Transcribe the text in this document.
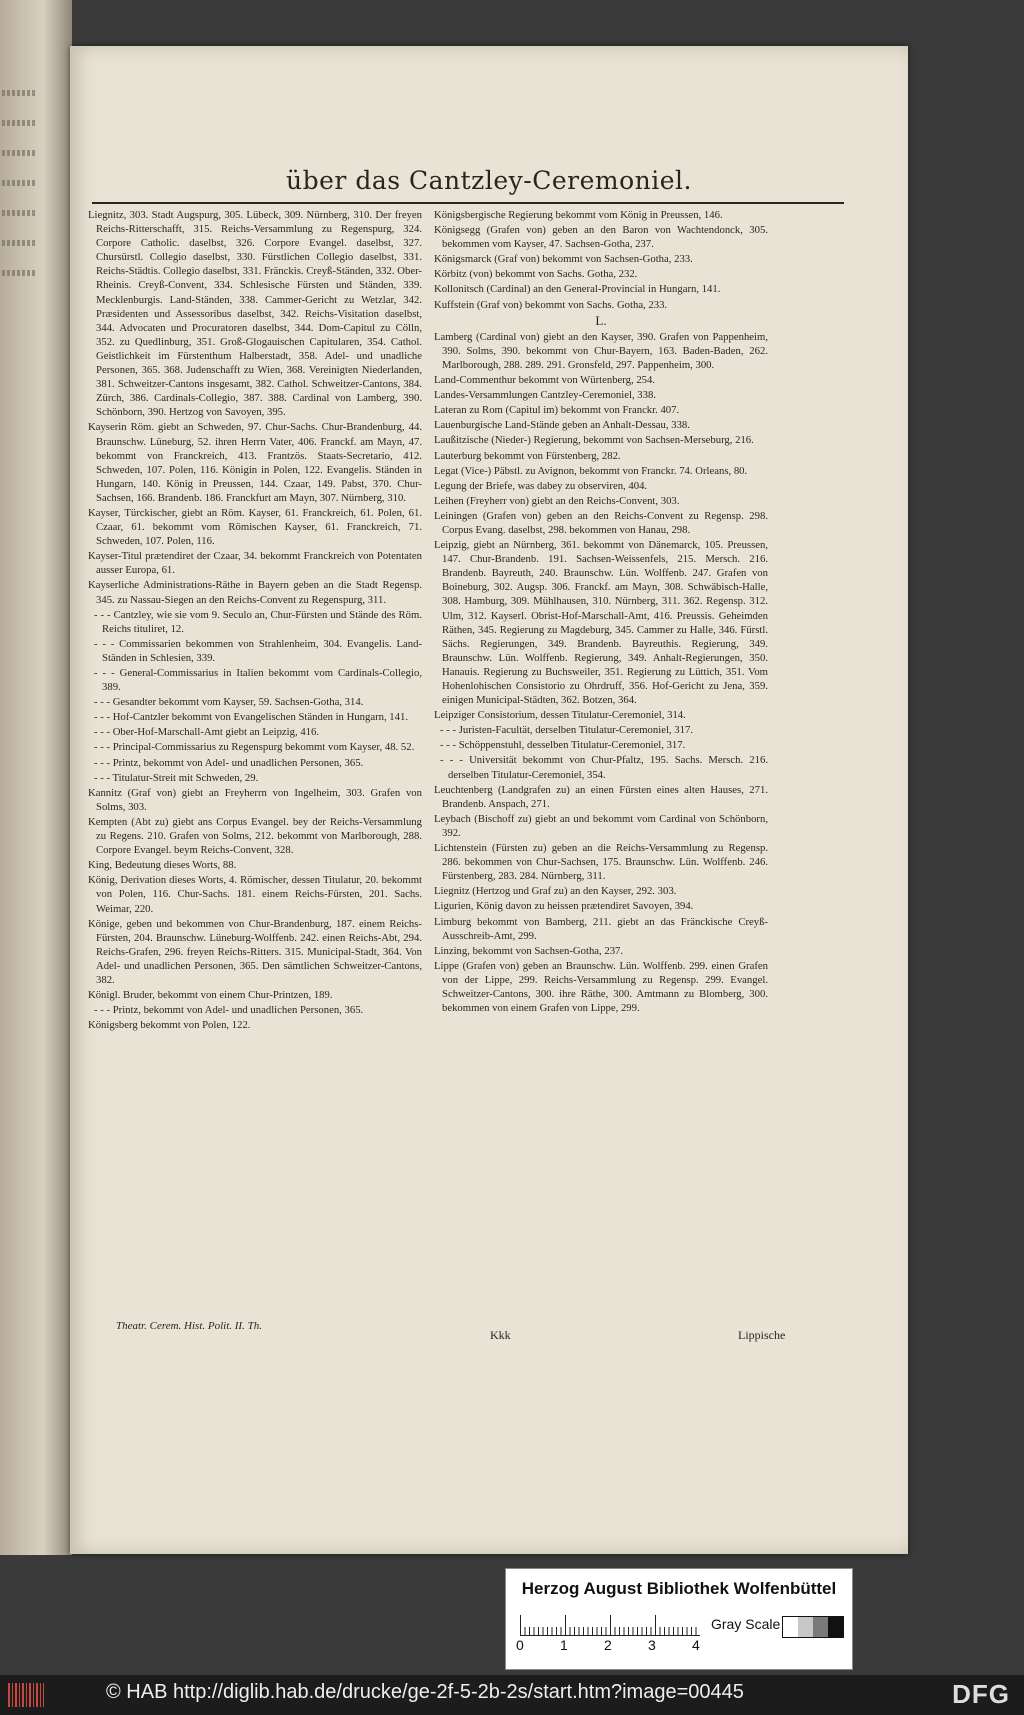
über das Cantzley-Ceremoniel.

Liegnitz, 303. Stadt Augspurg, 305. Lübeck, 309. Nürnberg, 310. Der freyen Reichs-Ritterschafft, 315. Reichs-Versammlung zu Regenspurg, 324. Corpore Catholic. daselbst, 326. Corpore Evangel. daselbst, 327. Chursürstl. Collegio daselbst, 330. Fürstlichen Collegio daselbst, 331. Reichs-Städtis. Collegio daselbst, 331. Fränckis. Creyß-Ständen, 332. Ober-Rheinis. Creyß-Convent, 334. Schlesische Fürsten und Ständen, 339. Mecklenburgis. Land-Ständen, 338. Cammer-Gericht zu Wetzlar, 342. Præsidenten und Assessoribus daselbst, 342. Reichs-Visitation daselbst, 344. Advocaten und Procuratoren daselbst, 344. Dom-Capitul zu Cölln, 352. zu Quedlinburg, 351. Groß-Glogauischen Capitularen, 354. Cathol. Geistlichkeit im Fürstenthum Halberstadt, 358. Adel- und unadliche Personen, 365. 368. Judenschafft zu Wien, 368. Vereinigten Niederlanden, 381. Schweitzer-Cantons insgesamt, 382. Cathol. Schweitzer-Cantons, 384. Zürch, 386. Cardinals-Collegio, 387. 388. Cardinal von Lamberg, 390. Schönborn, 390. Hertzog von Savoyen, 395.

Kayserin Röm. giebt an Schweden, 97. Chur-Sachs. Chur-Brandenburg, 44. Braunschw. Lüneburg, 52. ihren Herrn Vater, 406. Franckf. am Mayn, 47. bekommt von Franckreich, 413. Frantzös. Staats-Secretario, 412. Schweden, 107. Polen, 116. Königin in Polen, 122. Evangelis. Ständen in Hungarn, 140. König in Preussen, 144. Czaar, 149. Pabst, 370. Chur-Sachsen, 166. Brandenb. 186. Franckfurt am Mayn, 307. Nürnberg, 310.

Kayser, Türckischer, giebt an Röm. Kayser, 61. Franckreich, 61. Polen, 61. Czaar, 61. bekommt vom Römischen Kayser, 61. Franckreich, 71. Schweden, 107. Polen, 116.

Kayser-Titul prætendiret der Czaar, 34. bekommt Franckreich von Potentaten ausser Europa, 61.

Kayserliche Administrations-Räthe in Bayern geben an die Stadt Regensp. 345. zu Nassau-Siegen an den Reichs-Convent zu Regenspurg, 311.

- - - Cantzley, wie sie vom 9. Seculo an, Chur-Fürsten und Stände des Röm. Reichs tituliret, 12.

- - - Commissarien bekommen von Strahlenheim, 304. Evangelis. Land-Ständen in Schlesien, 339.

- - - General-Commissarius in Italien bekommt vom Cardinals-Collegio, 389.

- - - Gesandter bekommt vom Kayser, 59. Sachsen-Gotha, 314.

- - - Hof-Cantzler bekommt von Evangelischen Ständen in Hungarn, 141.

- - - Ober-Hof-Marschall-Amt giebt an Leipzig, 416.

- - - Principal-Commissarius zu Regenspurg bekommt vom Kayser, 48. 52.

- - - Printz, bekommt von Adel- und unadlichen Personen, 365.

- - - Titulatur-Streit mit Schweden, 29.

Kannitz (Graf von) giebt an Freyherrn von Ingelheim, 303. Grafen von Solms, 303.

Kempten (Abt zu) giebt ans Corpus Evangel. bey der Reichs-Versammlung zu Regens. 210. Grafen von Solms, 212. bekommt von Marlborough, 288. Corpore Evangel. beym Reichs-Convent, 328.

King, Bedeutung dieses Worts, 88.

König, Derivation dieses Worts, 4. Römischer, dessen Titulatur, 20. bekommt von Polen, 116. Chur-Sachs. 181. einem Reichs-Fürsten, 201. Sachs. Weimar, 220.

Könige, geben und bekommen von Chur-Brandenburg, 187. einem Reichs-Fürsten, 204. Braunschw. Lüneburg-Wolffenb. 242. einen Reichs-Abt, 294. Reichs-Grafen, 296. freyen Reichs-Ritters. 315. Municipal-Stadt, 364. Von Adel- und unadlichen Personen, 365. Den sämtlichen Schweitzer-Cantons, 382.

Königl. Bruder, bekommt von einem Chur-Printzen, 189.

- - - Printz, bekommt von Adel- und unadlichen Personen, 365.

Königsberg bekommt von Polen, 122.

Königsbergische Regierung bekommt vom König in Preussen, 146.

Königsegg (Grafen von) geben an den Baron von Wachtendonck, 305. bekommen vom Kayser, 47. Sachsen-Gotha, 237.

Königsmarck (Graf von) bekommt von Sachsen-Gotha, 233.

Körbitz (von) bekommt von Sachs. Gotha, 232.

Kollonitsch (Cardinal) an den General-Provincial in Hungarn, 141.

Kuffstein (Graf von) bekommt von Sachs. Gotha, 233.

L.

Lamberg (Cardinal von) giebt an den Kayser, 390. Grafen von Pappenheim, 390. Solms, 390. bekommt von Chur-Bayern, 163. Baden-Baden, 262. Marlborough, 288. 289. 291. Gronsfeld, 297. Pappenheim, 300.

Land-Commenthur bekommt von Würtenberg, 254.

Landes-Versammlungen Cantzley-Ceremoniel, 338.

Lateran zu Rom (Capitul im) bekommt von Franckr. 407.

Lauenburgische Land-Stände geben an Anhalt-Dessau, 338.

Laußitzische (Nieder-) Regierung, bekommt von Sachsen-Merseburg, 216.

Lauterburg bekommt von Fürstenberg, 282.

Legat (Vice-) Päbstl. zu Avignon, bekommt von Franckr. 74. Orleans, 80.

Legung der Briefe, was dabey zu observiren, 404.

Leihen (Freyherr von) giebt an den Reichs-Convent, 303.

Leiningen (Grafen von) geben an den Reichs-Convent zu Regensp. 298. Corpus Evang. daselbst, 298. bekommen von Hanau, 298.

Leipzig, giebt an Nürnberg, 361. bekommt von Dänemarck, 105. Preussen, 147. Chur-Brandenb. 191. Sachsen-Weissenfels, 215. Mersch. 216. Brandenb. Bayreuth, 240. Braunschw. Lün. Wolffenb. 247. Grafen von Boineburg, 302. Augsp. 306. Franckf. am Mayn, 308. Schwäbisch-Halle, 308. Hamburg, 309. Mühlhausen, 310. Nürnberg, 311. 362. Regensp. 312. Ulm, 312. Kayserl. Obrist-Hof-Marschall-Amt, 416. Preussis. Geheimden Räthen, 345. Regierung zu Magdeburg, 345. Cammer zu Halle, 346. Fürstl. Sächs. Regierungen, 349. Brandenb. Bayreuthis. Regierung, 349. Braunschw. Lün. Wolffenb. Regierung, 349. Anhalt-Regierungen, 350. Hanauis. Regierung zu Buchsweiler, 351. Regierung zu Lüttich, 351. Vom Hohenlohischen Consistorio zu Ohrdruff, 356. Hof-Gericht zu Jena, 359. einigen Municipal-Städten, 362. Botzen, 364.

Leipziger Consistorium, dessen Titulatur-Ceremoniel, 314.

- - - Juristen-Facultät, derselben Titulatur-Ceremoniel, 317.

- - - Schöppenstuhl, desselben Titulatur-Ceremoniel, 317.

- - - Universität bekommt von Chur-Pfaltz, 195. Sachs. Mersch. 216. derselben Titulatur-Ceremoniel, 354.

Leuchtenberg (Landgrafen zu) an einen Fürsten eines alten Hauses, 271. Brandenb. Anspach, 271.

Leybach (Bischoff zu) giebt an und bekommt vom Cardinal von Schönborn, 392.

Lichtenstein (Fürsten zu) geben an die Reichs-Versammlung zu Regensp. 286. bekommen von Chur-Sachsen, 175. Braunschw. Lün. Wolffenb. 246. Fürstenberg, 283. 284. Nürnberg, 311.

Liegnitz (Hertzog und Graf zu) an den Kayser, 292. 303.

Ligurien, König davon zu heissen prætendiret Savoyen, 394.

Limburg bekommt von Bamberg, 211. giebt an das Fränckische Creyß-Ausschreib-Amt, 299.

Linzing, bekommt von Sachsen-Gotha, 237.

Lippe (Grafen von) geben an Braunschw. Lün. Wolffenb. 299. einen Grafen von der Lippe, 299. Reichs-Versammlung zu Regensp. 299. Evangel. Schweitzer-Cantons, 300. ihre Räthe, 300. Amtmann zu Blomberg, 300. bekommen von einem Grafen von Lippe, 299.

Theatr. Cerem. Hist. Polit. II. Th.
Kkk	Lippische
Herzog August Bibliothek Wolfenbüttel
0	1	2	3	4
Gray Scale
© HAB http://diglib.hab.de/drucke/ge-2f-5-2b-2s/start.htm?image=00445	DFG
